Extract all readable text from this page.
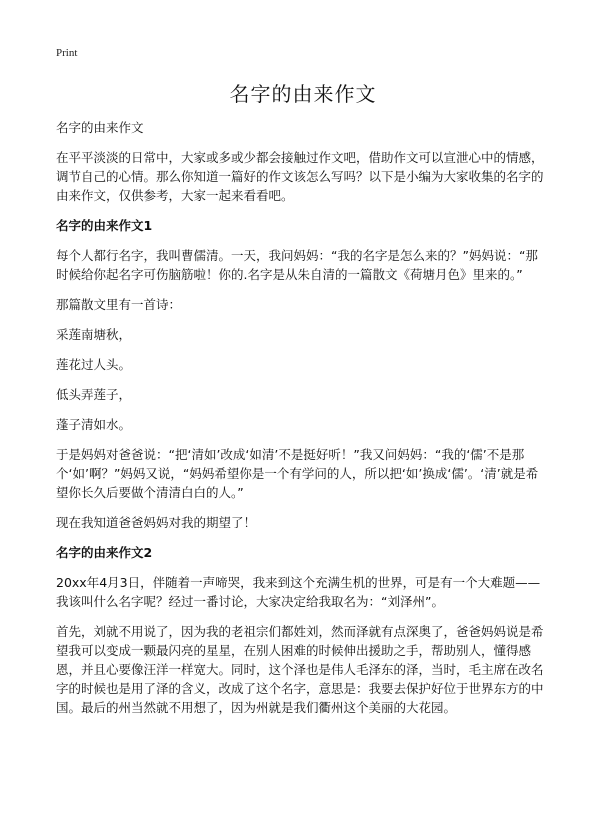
Print
名字的由来作文

名字的由来作文

在平平淡淡的日常中，大家或多或少都会接触过作文吧，借助作文可以宣泄心中的情感，调节自己的心情。那么你知道一篇好的作文该怎么写吗？以下是小编为大家收集的名字的由来作文，仅供参考，大家一起来看看吧。

名字的由来作文1

每个人都行名字，我叫曹儒清。一天，我问妈妈：“我的名字是怎么来的？”妈妈说：“那时候给你起名字可伤脑筋啦！你的.名字是从朱自清的一篇散文《荷塘月色》里来的。”

那篇散文里有一首诗：

采莲南塘秋，

莲花过人头。

低头弄莲子，

蓬子清如水。

于是妈妈对爸爸说：“把‘清如’改成‘如清’不是挺好听！”我又问妈妈：“我的‘儒’不是那个‘如’啊？”妈妈又说，“妈妈希望你是一个有学问的人，所以把‘如’换成‘儒’。‘清’就是希望你长久后要做个清清白白的人。”

现在我知道爸爸妈妈对我的期望了！

名字的由来作文2

20xx年4月3日，伴随着一声啼哭，我来到这个充满生机的世界，可是有一个大难题——我该叫什么名字呢？经过一番讨论，大家决定给我取名为：“刘泽州”。

首先，刘就不用说了，因为我的老祖宗们都姓刘，然而泽就有点深奥了，爸爸妈妈说是希望我可以变成一颗最闪亮的星星，在别人困难的时候伸出援助之手，帮助别人，懂得感恩，并且心要像汪洋一样宽大。同时，这个泽也是伟人毛泽东的泽，当时，毛主席在改名字的时候也是用了泽的含义，改成了这个名字，意思是：我要去保护好位于世界东方的中国。最后的州当然就不用想了，因为州就是我们衢州这个美丽的大花园。
